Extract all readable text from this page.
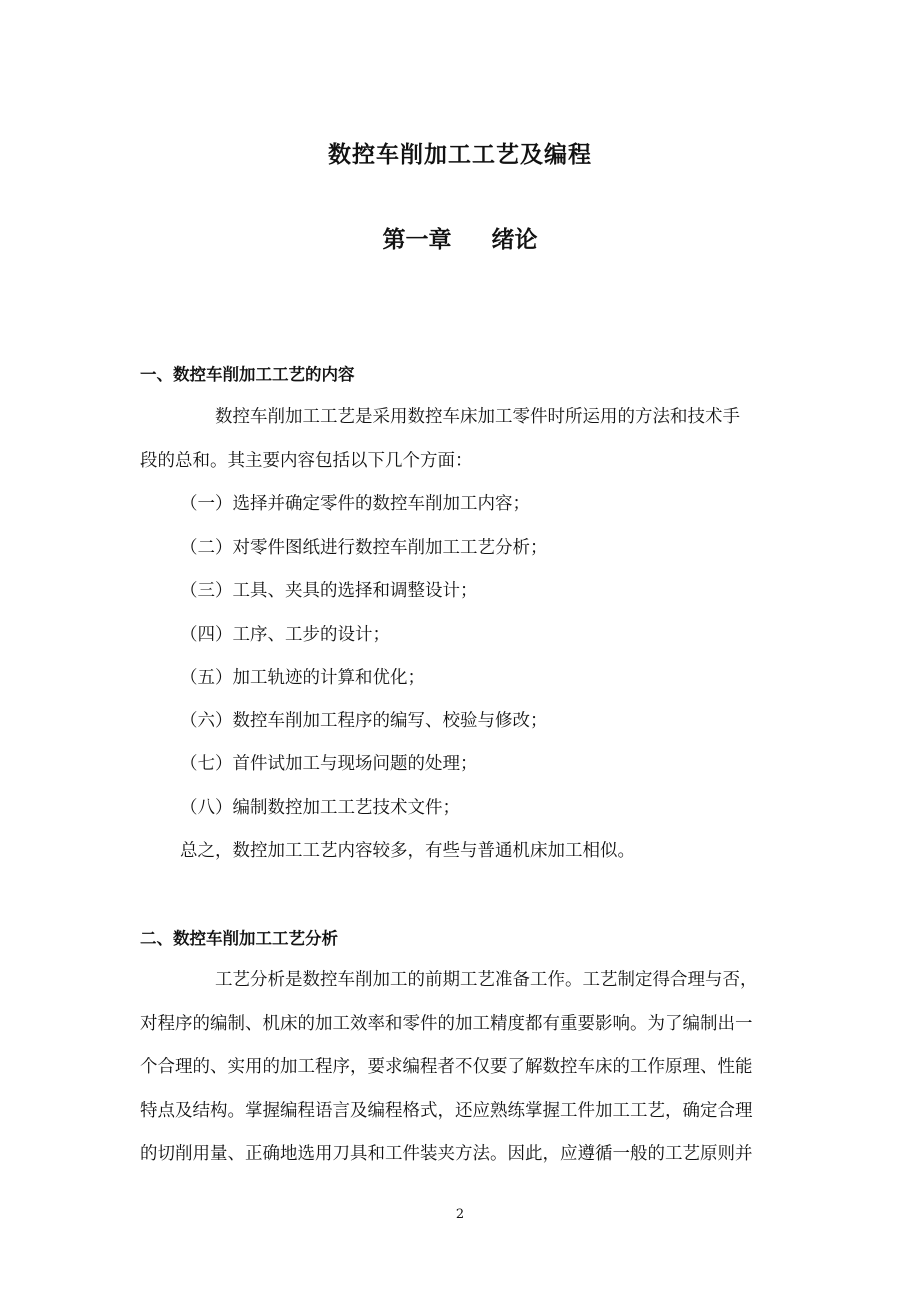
数控车削加工工艺及编程
第一章 绪论
一、数控车削加工工艺的内容
数控车削加工工艺是采用数控车床加工零件时所运用的方法和技术手
段的总和。其主要内容包括以下几个方面：
（一）选择并确定零件的数控车削加工内容；
（二）对零件图纸进行数控车削加工工艺分析；
（三）工具、夹具的选择和调整设计；
（四）工序、工步的设计；
（五）加工轨迹的计算和优化；
（六）数控车削加工程序的编写、校验与修改；
（七）首件试加工与现场问题的处理；
（八）编制数控加工工艺技术文件；
总之，数控加工工艺内容较多，有些与普通机床加工相似。
二、数控车削加工工艺分析
工艺分析是数控车削加工的前期工艺准备工作。工艺制定得合理与否，
对程序的编制、机床的加工效率和零件的加工精度都有重要影响。为了编制出一
个合理的、实用的加工程序，要求编程者不仅要了解数控车床的工作原理、性能
特点及结构。掌握编程语言及编程格式，还应熟练掌握工件加工工艺，确定合理
的切削用量、正确地选用刀具和工件装夹方法。因此，应遵循一般的工艺原则并
2
